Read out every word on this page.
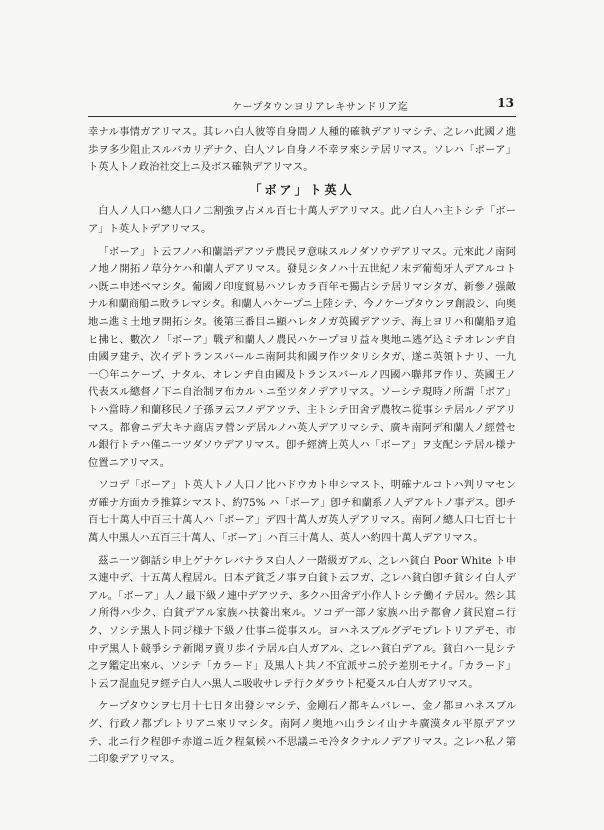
ケープタウンヨリアレキサンドリア迄	13

幸ナル事情ガアリマス。其レハ白人彼等自身間ノ人種的確執デアリマシテ、之レハ此國ノ進歩ヲ多少阻止スルバカリデナク、白人ソレ自身ノ不幸ヲ來シテ居リマス。ソレハ「ボーア」ト英人トノ政治社交上ニ及ボス確執デアリマス。

「ボア」ト英人

白人ノ人口ハ總人口ノ二割強ヲ占メル百七十萬人デアリマス。此ノ白人ハ主トシテ「ボーア」ト英人トデアリマス。

「ボーア」ト云フノハ和蘭語デアツテ農民ヲ意味スルノダソウデアリマス。元來此ノ南阿ノ地ノ開拓ノ草分ケハ和蘭人デアリマス。發見シタノハ十五世紀ノ末デ葡萄牙人デアルコトハ既ニ申述ベマシタ。葡國ノ印度貿易ハソレカラ百年モ獨占シテ居リマシタガ、新參ノ强敵ナル和蘭商船ニ敗ラレマシタ。和蘭人ハケープニ上陸シテ、今ノケープタウンヲ創設シ、向奥地ニ進ミ土地ヲ開拓シタ。後第三番目ニ顯ハレタノガ英國デアツテ、海上ヨリハ和蘭船ヲ追ヒ拂ヒ、數次ノ「ボーア」戰デ和蘭人ノ農民ハケープヨリ益々奥地ニ逃ゲ込ミテオレンヂ自由國ヲ建テ、次イデトランスバールニ南阿共和國ヲ作ツタリシタガ、遂ニ英領トナリ、一九一〇年ニケープ、ナタル、オレンヂ自由國及トランスバールノ四國ハ聯邦ヲ作リ、英國王ノ代表スル總督ノ下ニ自治制ヲ布カルヽニ至ツタノデアリマス。ソーシテ現時ノ所謂「ボア」トハ當時ノ和蘭移民ノ子孫ヲ云フノデアツテ、主トシテ田舍デ農牧ニ從事シテ居ルノデアリマス。都會ニデ大キナ商店ヲ營ンデ居ルノハ英人デアリマシテ、廣キ南阿デ和蘭人ノ經營セル銀行トテハ僅ニ一ツダソウデアリマス。卽チ經濟上英人ハ「ボーア」ヲ支配シテ居ル様ナ位置ニアリマス。

ソコデ「ボーア」ト英人トノ人口ノ比ハドウカト申シマスト、明確ナルコトハ判リマセンガ確ナ方面カラ推算シマスト、約75% ハ「ボーア」卽チ和蘭系ノ人デアルトノ事デス。卽チ百七十萬人中百三十萬人ハ「ボーア」デ四十萬人ガ英人デアリマス。南阿ノ總人口七百七十萬人中黒人ハ五百三十萬人、「ボーア」ハ百三十萬人、英人ハ約四十萬人デアリマス。

茲ニ一ツ御話シ申上ゲナケレバナラヌ白人ノ一階級ガアル、之レハ貧白 Poor White ト申ス連中デ、十五萬人程居ル。日本デ貧乏ノ事ヲ白貧ト云フガ、之レハ貧白卽チ貧シイ白人デアル。「ボーア」人ノ最下級ノ連中デアツテ、多クハ田舍デ小作人トシテ働イテ居ル。然シ其ノ所得ハ少ク、白貧デアル家族ハ扶養出來ル。ソコデ一部ノ家族ハ出テ都會ノ貧民窟ニ行ク、ソシテ黒人ト同ジ様ナ下級ノ仕事ニ從事スル。ヨハネスブルグデモプレトリアデモ、市中デ黒人ト競爭シテ新聞ヲ賣リ歩イテ居ル白人ガアル、之レハ貧白デアル。貧白ハ一見シテ之ヲ鑑定出來ル、ソシテ「カラード」及黒人ト共ノ不宜派サニ於テ差別モナイ。「カラード」ト云フ混血兒ヲ經テ白人ハ黒人ニ吸收サレテ行クダラウト杞憂スル白人ガアリマス。

ケープタウンヲ七月十七日タ出發シマシテ、金剛石ノ都キムバレー、金ノ都ヨハネスブルグ、行政ノ都プレトリアニ來リマシタ。南阿ノ奥地ハ山ラシイ山ナキ廣漠タル平原デアツテ、北ニ行ク程卽チ赤道ニ近ク程氣候ハ不思議ニモ冷タクナルノデアリマス。之レハ私ノ第二印象デアリマス。
